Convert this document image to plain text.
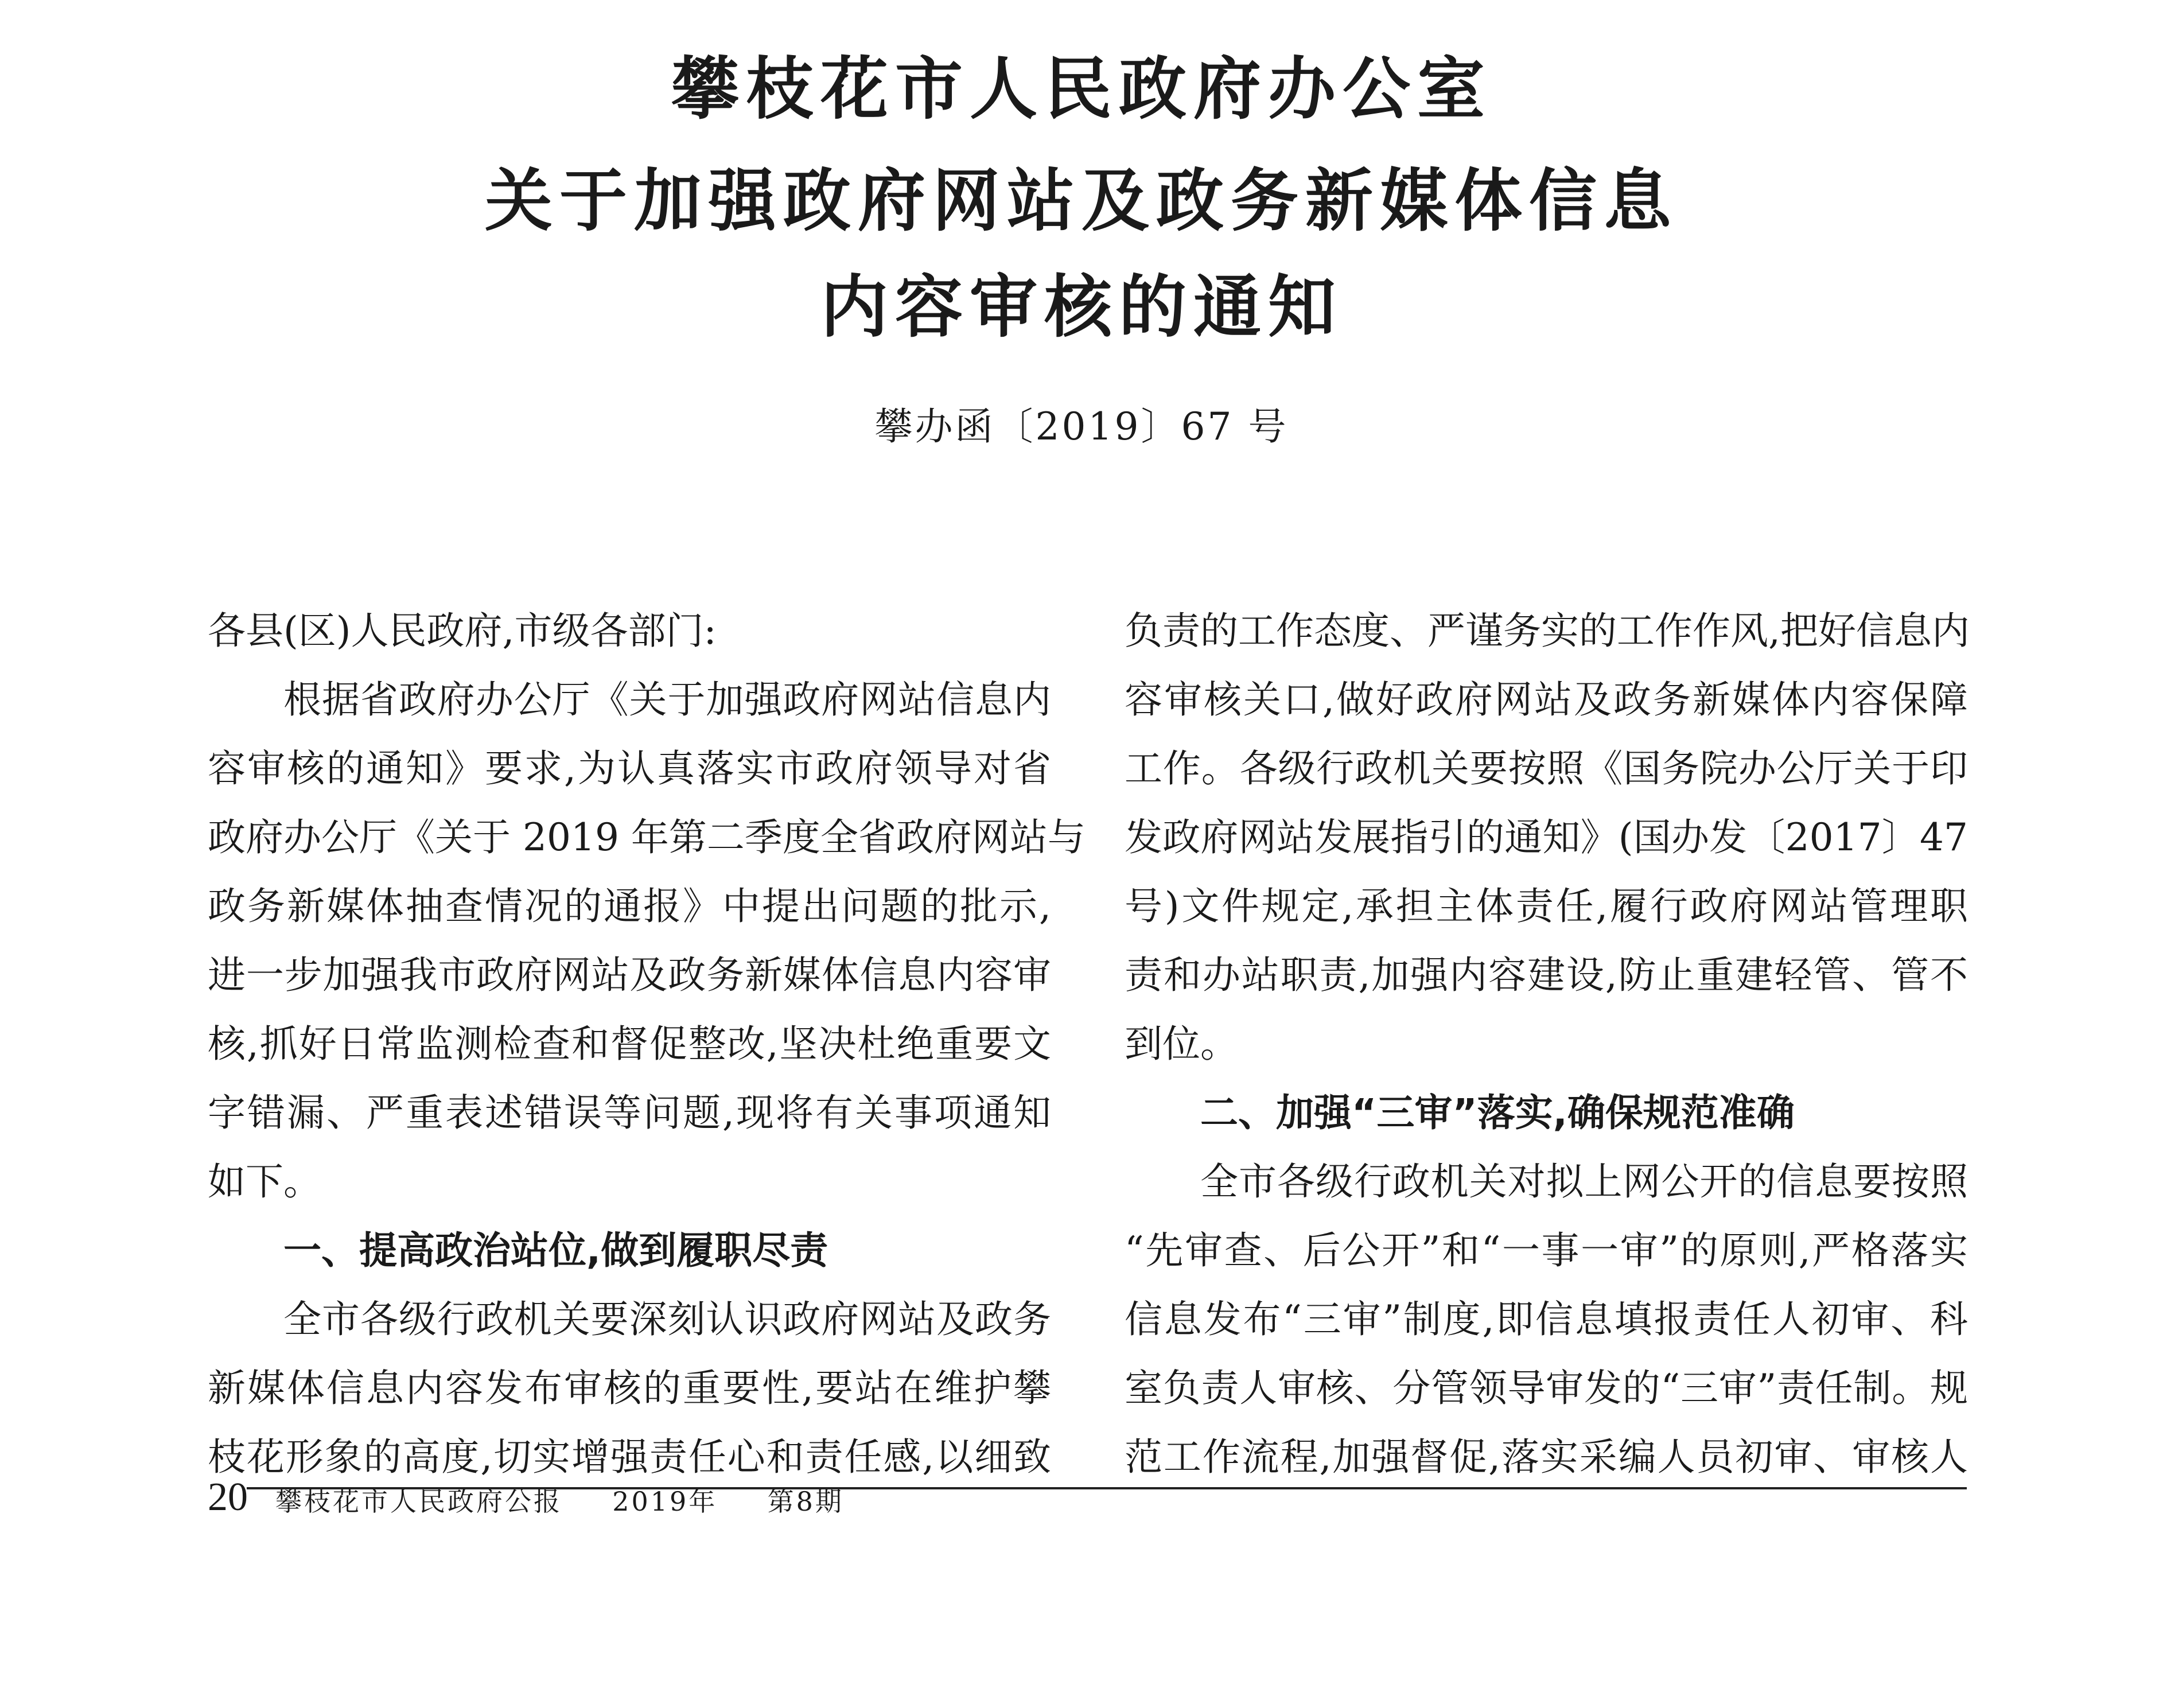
攀枝花市人民政府办公室
关于加强政府网站及政务新媒体信息
内容审核的通知
攀办函〔2019〕67 号
各县(区)人民政府,市级各部门:
根据省政府办公厅《关于加强政府网站信息内
容审核的通知》要求,为认真落实市政府领导对省
政府办公厅《关于 2019 年第二季度全省政府网站与
政务新媒体抽查情况的通报》中提出问题的批示,
进一步加强我市政府网站及政务新媒体信息内容审
核,抓好日常监测检查和督促整改,坚决杜绝重要文
字错漏、严重表述错误等问题,现将有关事项通知
如下。
一、提高政治站位,做到履职尽责
全市各级行政机关要深刻认识政府网站及政务
新媒体信息内容发布审核的重要性,要站在维护攀
枝花形象的高度,切实增强责任心和责任感,以细致
负责的工作态度、严谨务实的工作作风,把好信息内
容审核关口,做好政府网站及政务新媒体内容保障
工作。各级行政机关要按照《国务院办公厅关于印
发政府网站发展指引的通知》(国办发〔2017〕47
号)文件规定,承担主体责任,履行政府网站管理职
责和办站职责,加强内容建设,防止重建轻管、管不
到位。
二、加强“三审”落实,确保规范准确
全市各级行政机关对拟上网公开的信息要按照
“先审查、后公开”和“一事一审”的原则,严格落实
信息发布“三审”制度,即信息填报责任人初审、科
室负责人审核、分管领导审发的“三审”责任制。规
范工作流程,加强督促,落实采编人员初审、审核人
20 攀枝花市人民政府公报 2019年 第8期
